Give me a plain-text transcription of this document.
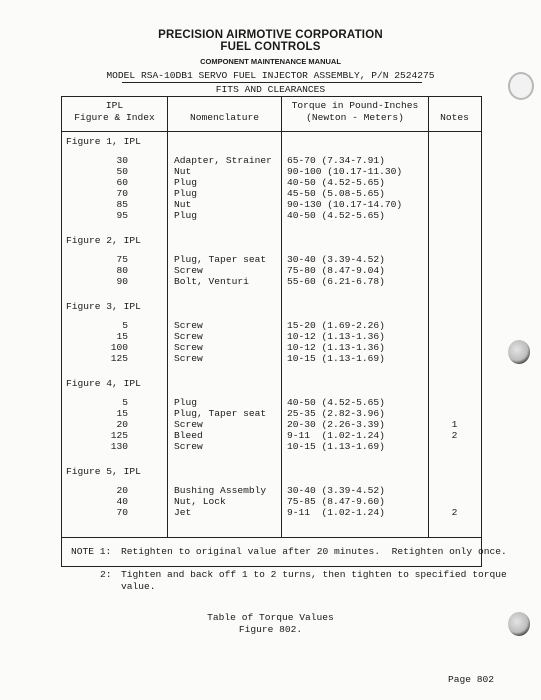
PRECISION AIRMOTIVE CORPORATION
FUEL CONTROLS
COMPONENT MAINTENANCE MANUAL
MODEL RSA-10DB1 SERVO FUEL INJECTOR ASSEMBLY, P/N 2524275
FITS AND CLEARANCES
IPL
Figure & Index	Nomenclature
Torque in Pound-Inches
(Newton - Meters)	Notes
Figure 1, IPL
30	Adapter, Strainer	65-70 (7.34-7.91)
50	Nut	90-100 (10.17-11.30)
60	Plug	40-50 (4.52-5.65)
70	Plug	45-50 (5.08-5.65)
85	Nut	90-130 (10.17-14.70)
95	Plug	40-50 (4.52-5.65)
Figure 2, IPL
75	Plug, Taper seat	30-40 (3.39-4.52)
80	Screw	75-80 (8.47-9.04)
90	Bolt, Venturi	55-60 (6.21-6.78)
Figure 3, IPL
5	Screw	15-20 (1.69-2.26)
15	Screw	10-12 (1.13-1.36)
100	Screw	10-12 (1.13-1.36)
125	Screw	10-15 (1.13-1.69)
Figure 4, IPL
5	Plug	40-50 (4.52-5.65)
15	Plug, Taper seat	25-35 (2.82-3.96)
20	Screw	20-30 (2.26-3.39)	1
125	Bleed	9-11  (1.02-1.24)	2
130	Screw	10-15 (1.13-1.69)
Figure 5, IPL
20	Bushing Assembly	30-40 (3.39-4.52)
40	Nut, Lock	75-85 (8.47-9.60)
70	Jet	9-11  (1.02-1.24)	2
NOTE 1: Retighten to original value after 20 minutes.  Retighten only once.
2: Tighten and back off 1 to 2 turns, then tighten to specified torque
value.
Table of Torque Values
Figure 802.
Page 802
